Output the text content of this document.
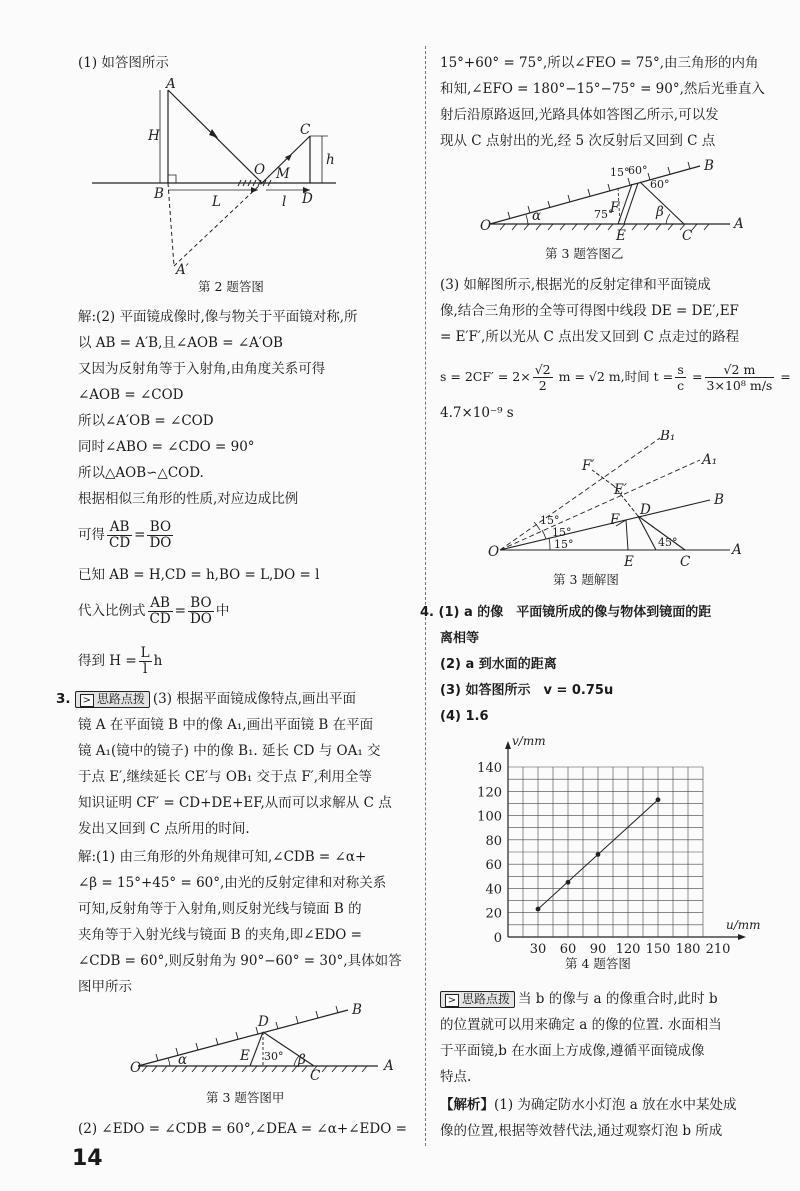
(1) 如答图所示
A
H
B
O M
C
h
D
L	l
A′
第 2 题答图
解:(2) 平面镜成像时,像与物关于平面镜对称,所
以 AB = A′B,且∠AOB = ∠A′OB
又因为反射角等于入射角,由角度关系可得
∠AOB = ∠COD
所以∠A′OB = ∠COD
同时∠ABO = ∠CDO = 90°
所以△AOB∽△COD.
根据相似三角形的性质,对应边成比例
可得 $\frac{AB}{CD} = \frac{BO}{DO}$
已知 AB = H,CD = h,BO = L,DO = l
代入比例式 $\frac{AB}{CD} = \frac{BO}{DO}$ 中
得到 $H = \frac{L}{l}$ h
3. > 思路点拨 (3) 根据平面镜成像特点,画出平面
镜 A 在平面镜 B 中的像 A₁,画出平面镜 B 在平面
镜 A₁(镜中的镜子) 中的像 B₁. 延长 CD 与 OA₁ 交
于点 E′,继续延长 CE′与 OB₁ 交于点 F′,利用全等
知识证明 CF′ = CD+DE+EF,从而可以求解从 C 点
发出又回到 C 点所用的时间.
解:(1) 由三角形的外角规律可知,∠CDB = ∠α+
∠β = 15°+45° = 60°,由光的反射定律和对称关系
可知,反射角等于入射角,则反射光线与镜面 B 的
夹角等于入射光线与镜面 B 的夹角,即∠EDO =
∠CDB = 60°,则反射角为 90°−60° = 30°,具体如答
图甲所示
O	A
B
D
E
C
α	β
30°
第 3 题答图甲
(2) ∠EDO = ∠CDB = 60°,∠DEA = ∠α+∠EDO =
15°+60° = 75°,所以∠FEO = 75°,由三角形的内角
和知,∠EFO = 180°−15°−75° = 90°,然后光垂直入
射后沿原路返回,光路具体如答图乙所示,可以发
现从 C 点射出的光,经 5 次反射后又回到 C 点
O	A
B
F
E	C
α	β
15°
60°
60°
75°
第 3 题答图乙
(3) 如解图所示,根据光的反射定律和平面镜成
像,结合三角形的全等可得图中线段 DE = DE′,EF
= E′F′,所以光从 C 点出发又回到 C 点走过的路程
$s = 2CF' = 2\times \frac{√2}{2}$ m = √2 m,时间 $t = \frac{s}{c} = \frac{√2 m}{\text{3×10⁸ m/s}}$ =
4.7×10⁻⁹ s
O	A
B
A₁
B₁
D
E	C
F
E′
F′
15°
15°
15°	45°
第 3 题解图
4. (1) a 的像　平面镜所成的像与物体到镜面的距
离相等
(2) a 到水面的距离
(3) 如答图所示　v = 0.75u
(4) 1.6
0
20
40
60
80
100
120
140
30 60 90 120 150 180 210
v/mm
u/mm
第 4 题答图
> 思路点拨 当 b 的像与 a 的像重合时,此时 b
的位置就可以用来确定 a 的像的位置. 水面相当
于平面镜,b 在水面上方成像,遵循平面镜成像
特点.
【解析】(1) 为确定防水小灯泡 a 放在水中某处成
像的位置,根据等效替代法,通过观察灯泡 b 所成
14
